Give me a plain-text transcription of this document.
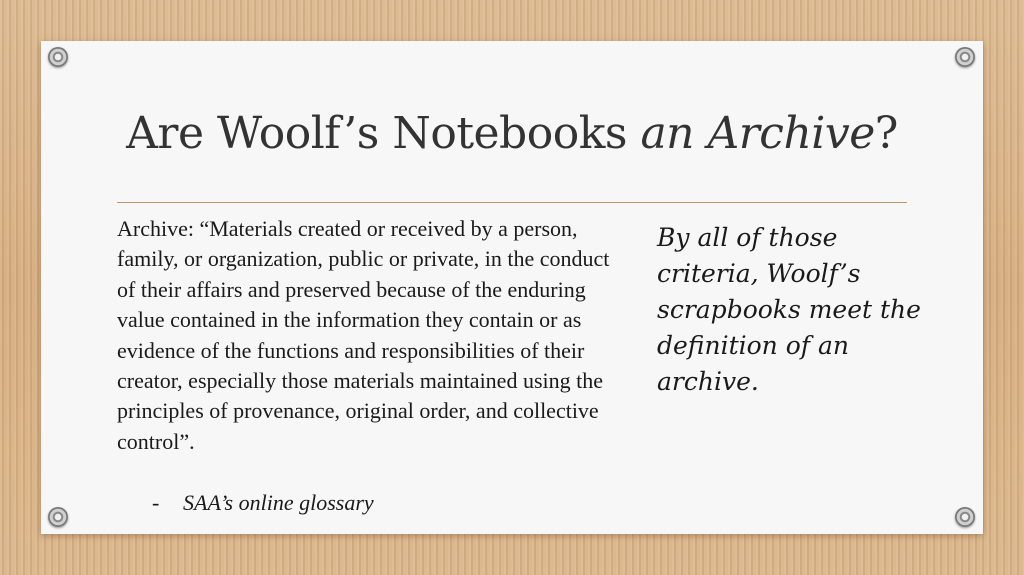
Are Woolf’s Notebooks an Archive?

Archive: “Materials created or received by a person, family, or organization, public or private, in the conduct of their affairs and preserved because of the enduring value contained in the information they contain or as evidence of the functions and responsibilities of their creator, especially those materials maintained using the principles of provenance, original order, and collective control”.

- SAA’s online glossary
By all of those criteria, Woolf’s scrapbooks meet the definition of an archive.
